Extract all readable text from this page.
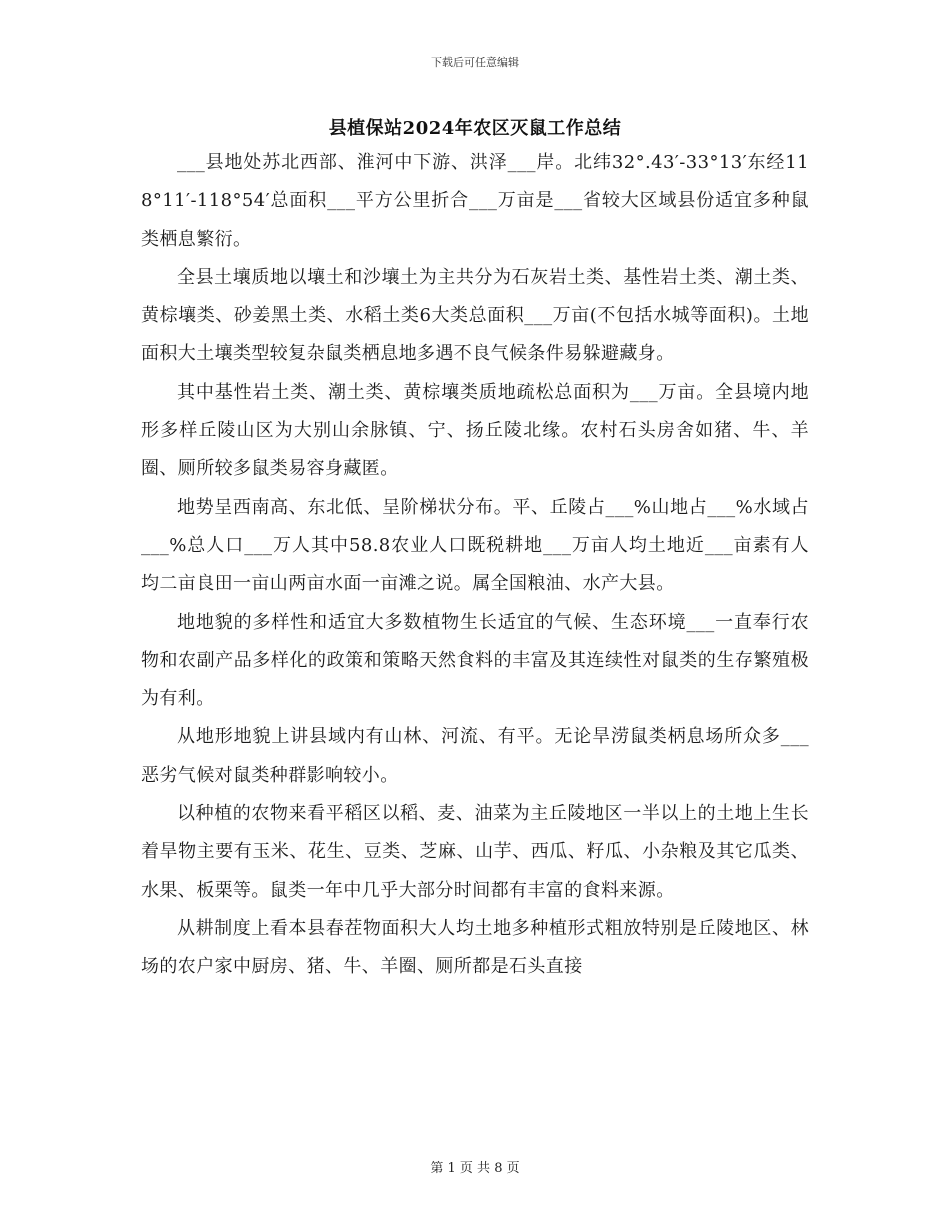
下载后可任意编辑
县植保站2024年农区灭鼠工作总结

___县地处苏北西部、淮河中下游、洪泽___岸。北纬32°.43′-33°13′东经118°11′-118°54′总面积___平方公里折合___万亩是___省较大区域县份适宜多种鼠类栖息繁衍。

全县土壤质地以壤土和沙壤土为主共分为石灰岩土类、基性岩土类、潮土类、黄棕壤类、砂姜黑土类、水稻土类6大类总面积___万亩(不包括水城等面积)。土地面积大土壤类型较复杂鼠类栖息地多遇不良气候条件易躲避藏身。

其中基性岩土类、潮土类、黄棕壤类质地疏松总面积为___万亩。全县境内地形多样丘陵山区为大别山余脉镇、宁、扬丘陵北缘。农村石头房舍如猪、牛、羊圈、厕所较多鼠类易容身藏匿。

地势呈西南高、东北低、呈阶梯状分布。平、丘陵占___%山地占___%水域占___%总人口___万人其中58.8农业人口既税耕地___万亩人均土地近___亩素有人均二亩良田一亩山两亩水面一亩滩之说。属全国粮油、水产大县。

地地貌的多样性和适宜大多数植物生长适宜的气候、生态环境___一直奉行农物和农副产品多样化的政策和策略天然食料的丰富及其连续性对鼠类的生存繁殖极为有利。

从地形地貌上讲县域内有山林、河流、有平。无论旱涝鼠类柄息场所众多___恶劣气候对鼠类种群影响较小。

以种植的农物来看平稻区以稻、麦、油菜为主丘陵地区一半以上的土地上生长着旱物主要有玉米、花生、豆类、芝麻、山芋、西瓜、籽瓜、小杂粮及其它瓜类、水果、板栗等。鼠类一年中几乎大部分时间都有丰富的食料来源。

从耕制度上看本县春茬物面积大人均土地多种植形式粗放特别是丘陵地区、林场的农户家中厨房、猪、牛、羊圈、厕所都是石头直接

第 1 页 共 8 页
